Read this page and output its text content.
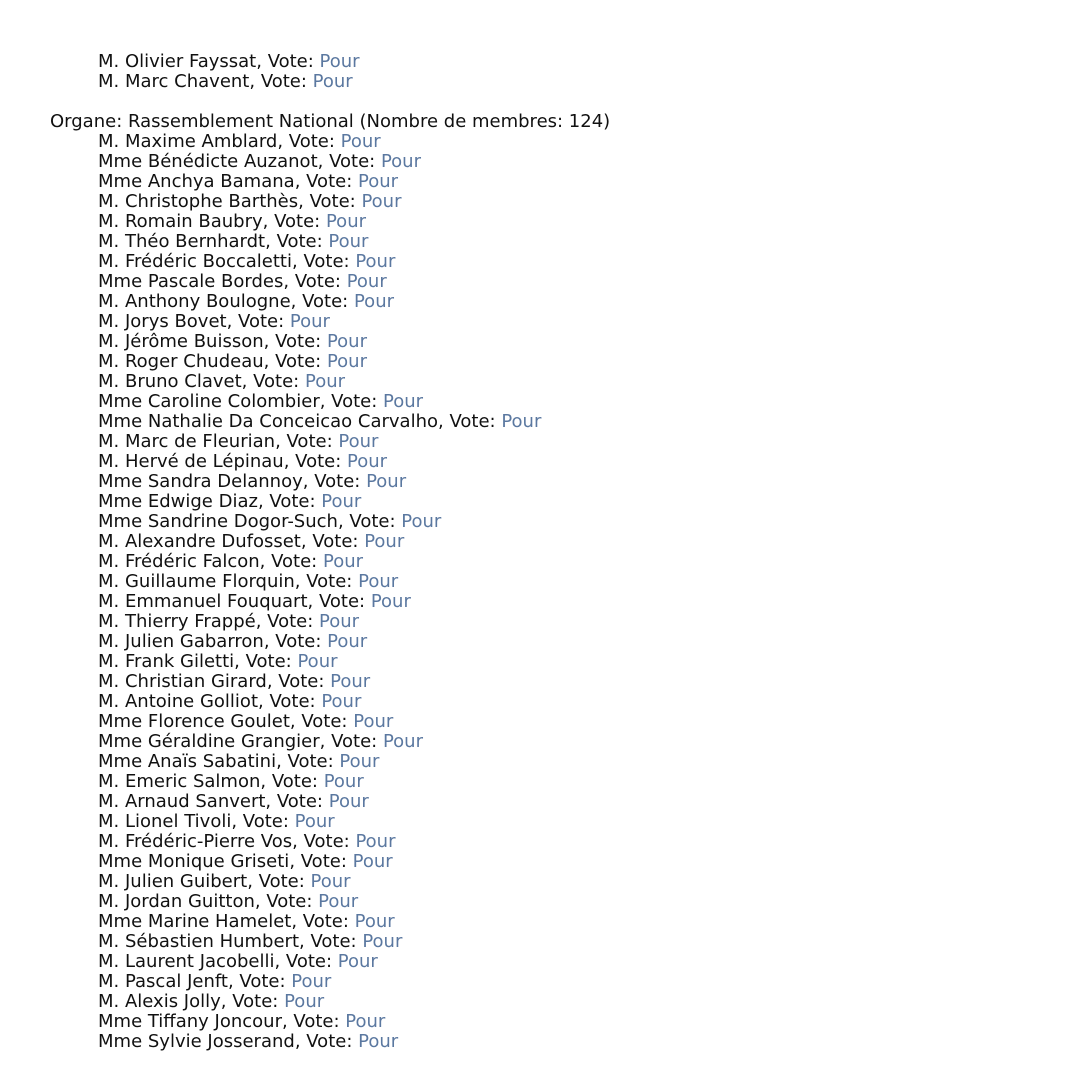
M. Olivier Fayssat, Vote: Pour
M. Marc Chavent, Vote: Pour
Organe: Rassemblement National (Nombre de membres: 124)
M. Maxime Amblard, Vote: Pour
Mme Bénédicte Auzanot, Vote: Pour
Mme Anchya Bamana, Vote: Pour
M. Christophe Barthès, Vote: Pour
M. Romain Baubry, Vote: Pour
M. Théo Bernhardt, Vote: Pour
M. Frédéric Boccaletti, Vote: Pour
Mme Pascale Bordes, Vote: Pour
M. Anthony Boulogne, Vote: Pour
M. Jorys Bovet, Vote: Pour
M. Jérôme Buisson, Vote: Pour
M. Roger Chudeau, Vote: Pour
M. Bruno Clavet, Vote: Pour
Mme Caroline Colombier, Vote: Pour
Mme Nathalie Da Conceicao Carvalho, Vote: Pour
M. Marc de Fleurian, Vote: Pour
M. Hervé de Lépinau, Vote: Pour
Mme Sandra Delannoy, Vote: Pour
Mme Edwige Diaz, Vote: Pour
Mme Sandrine Dogor-Such, Vote: Pour
M. Alexandre Dufosset, Vote: Pour
M. Frédéric Falcon, Vote: Pour
M. Guillaume Florquin, Vote: Pour
M. Emmanuel Fouquart, Vote: Pour
M. Thierry Frappé, Vote: Pour
M. Julien Gabarron, Vote: Pour
M. Frank Giletti, Vote: Pour
M. Christian Girard, Vote: Pour
M. Antoine Golliot, Vote: Pour
Mme Florence Goulet, Vote: Pour
Mme Géraldine Grangier, Vote: Pour
Mme Anaïs Sabatini, Vote: Pour
M. Emeric Salmon, Vote: Pour
M. Arnaud Sanvert, Vote: Pour
M. Lionel Tivoli, Vote: Pour
M. Frédéric-Pierre Vos, Vote: Pour
Mme Monique Griseti, Vote: Pour
M. Julien Guibert, Vote: Pour
M. Jordan Guitton, Vote: Pour
Mme Marine Hamelet, Vote: Pour
M. Sébastien Humbert, Vote: Pour
M. Laurent Jacobelli, Vote: Pour
M. Pascal Jenft, Vote: Pour
M. Alexis Jolly, Vote: Pour
Mme Tiffany Joncour, Vote: Pour
Mme Sylvie Josserand, Vote: Pour
